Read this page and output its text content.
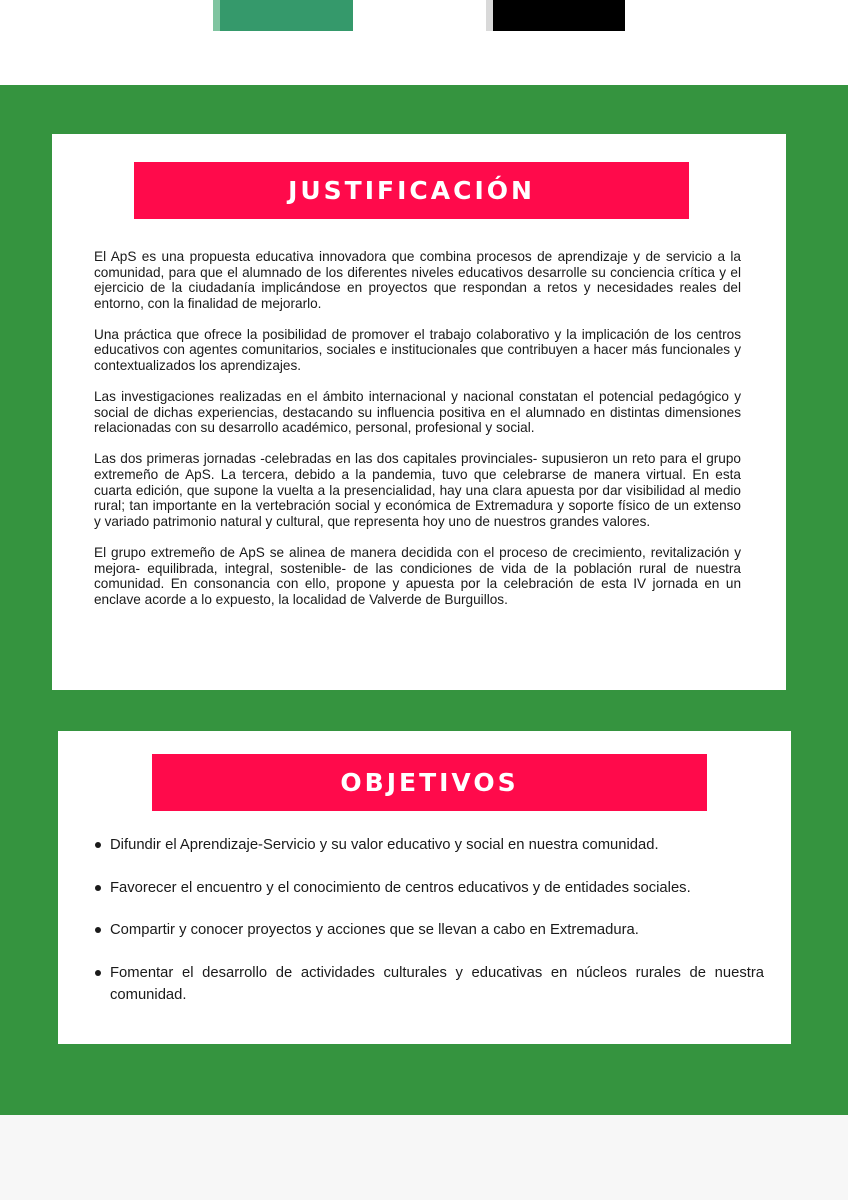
JUSTIFICACIÓN

El ApS es una propuesta educativa innovadora que combina procesos de aprendizaje y de servicio a la comunidad, para que el alumnado de los diferentes niveles educativos desarrolle su conciencia crítica y el ejercicio de la ciudadanía implicándose en proyectos que respondan a retos y necesidades reales del entorno, con la finalidad de mejorarlo.

Una práctica que ofrece la posibilidad de promover el trabajo colaborativo y la implicación de los centros educativos con agentes comunitarios, sociales e institucionales que contribuyen a hacer más funcionales y contextualizados los aprendizajes.

Las investigaciones realizadas en el ámbito internacional y nacional constatan el potencial pedagógico y social de dichas experiencias, destacando su influencia positiva en el alumnado en distintas dimensiones relacionadas con su desarrollo académico, personal, profesional y social.

Las dos primeras jornadas -celebradas en las dos capitales provinciales- supusieron un reto para el grupo extremeño de ApS. La tercera, debido a la pandemia, tuvo que celebrarse de manera virtual. En esta cuarta edición, que supone la vuelta a la presencialidad, hay una clara apuesta por dar visibilidad al medio rural; tan importante en la vertebración social y económica de Extremadura y soporte físico de un extenso y variado patrimonio natural y cultural, que representa hoy uno de nuestros grandes valores.

El grupo extremeño de ApS se alinea de manera decidida con el proceso de crecimiento, revitalización y mejora- equilibrada, integral, sostenible- de las condiciones de vida de la población rural de nuestra comunidad. En consonancia con ello, propone y apuesta por la celebración de esta IV jornada en un enclave acorde a lo expuesto, la localidad de Valverde de Burguillos.

OBJETIVOS
Difundir el Aprendizaje-Servicio y su valor educativo y social en nuestra comunidad.
Favorecer el encuentro y el conocimiento de centros educativos y de entidades sociales.
Compartir y conocer proyectos y acciones que se llevan a cabo en Extremadura.
Fomentar el desarrollo de actividades culturales y educativas en núcleos rurales de nuestra comunidad.
